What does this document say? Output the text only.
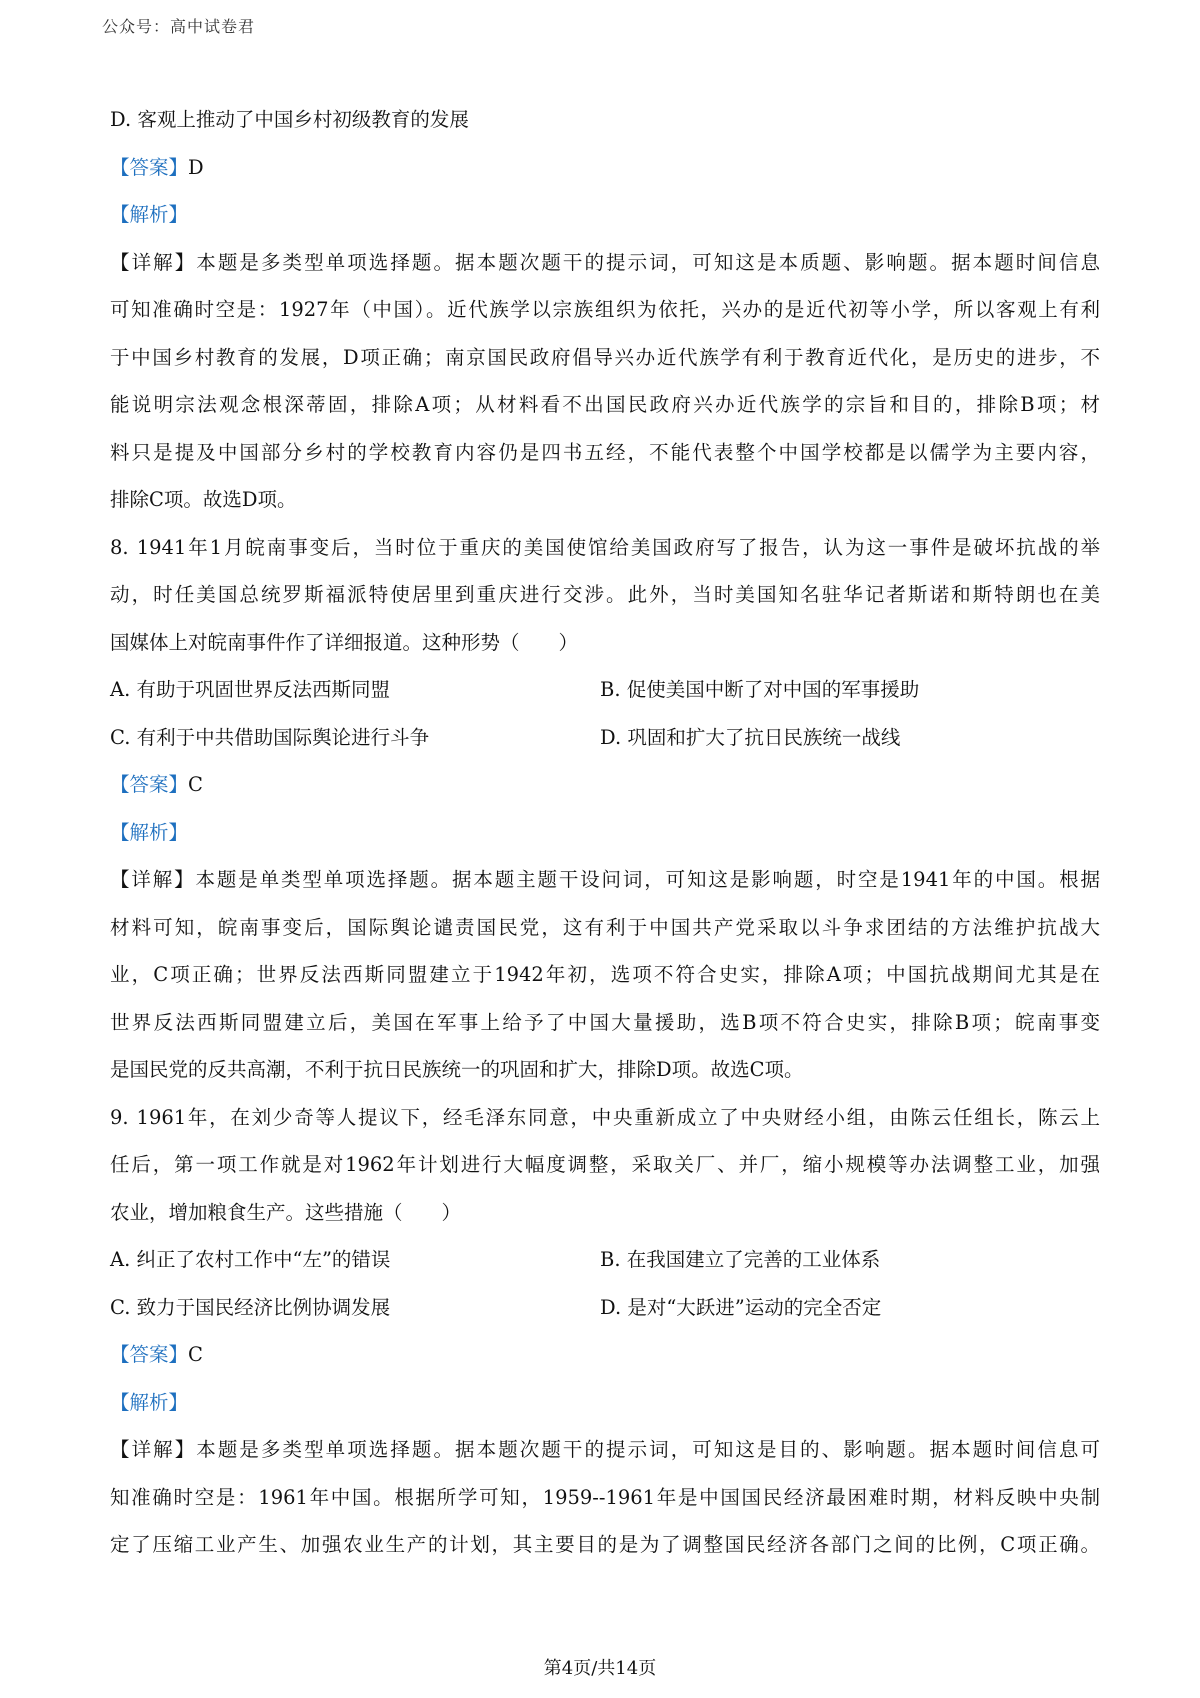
公众号：高中试卷君
D. 客观上推动了中国乡村初级教育的发展
【答案】D
【解析】
【详解】本题是多类型单项选择题。据本题次题干的提示词，可知这是本质题、影响题。据本题时间信息
可知准确时空是：1927年（中国）。近代族学以宗族组织为依托，兴办的是近代初等小学，所以客观上有利
于中国乡村教育的发展，D项正确；南京国民政府倡导兴办近代族学有利于教育近代化，是历史的进步，不
能说明宗法观念根深蒂固，排除A项；从材料看不出国民政府兴办近代族学的宗旨和目的，排除B项；材
料只是提及中国部分乡村的学校教育内容仍是四书五经，不能代表整个中国学校都是以儒学为主要内容，
排除C项。故选D项。
8. 1941年1月皖南事变后，当时位于重庆的美国使馆给美国政府写了报告，认为这一事件是破坏抗战的举
动，时任美国总统罗斯福派特使居里到重庆进行交涉。此外，当时美国知名驻华记者斯诺和斯特朗也在美
国媒体上对皖南事件作了详细报道。这种形势（　　）
A. 有助于巩固世界反法西斯同盟	B. 促使美国中断了对中国的军事援助
C. 有利于中共借助国际舆论进行斗争	D. 巩固和扩大了抗日民族统一战线
【答案】C
【解析】
【详解】本题是单类型单项选择题。据本题主题干设问词，可知这是影响题，时空是1941年的中国。根据
材料可知，皖南事变后，国际舆论谴责国民党，这有利于中国共产党采取以斗争求团结的方法维护抗战大
业，C项正确；世界反法西斯同盟建立于1942年初，选项不符合史实，排除A项；中国抗战期间尤其是在
世界反法西斯同盟建立后，美国在军事上给予了中国大量援助，选B项不符合史实，排除B项；皖南事变
是国民党的反共高潮，不利于抗日民族统一的巩固和扩大，排除D项。故选C项。
9. 1961年，在刘少奇等人提议下，经毛泽东同意，中央重新成立了中央财经小组，由陈云任组长，陈云上
任后，第一项工作就是对1962年计划进行大幅度调整，采取关厂、并厂，缩小规模等办法调整工业，加强
农业，增加粮食生产。这些措施（　　）
A. 纠正了农村工作中“左”的错误	B. 在我国建立了完善的工业体系
C. 致力于国民经济比例协调发展	D. 是对“大跃进”运动的完全否定
【答案】C
【解析】
【详解】本题是多类型单项选择题。据本题次题干的提示词，可知这是目的、影响题。据本题时间信息可
知准确时空是：1961年中国。根据所学可知，1959--1961年是中国国民经济最困难时期，材料反映中央制
定了压缩工业产生、加强农业生产的计划，其主要目的是为了调整国民经济各部门之间的比例，C项正确。
第4页/共14页
